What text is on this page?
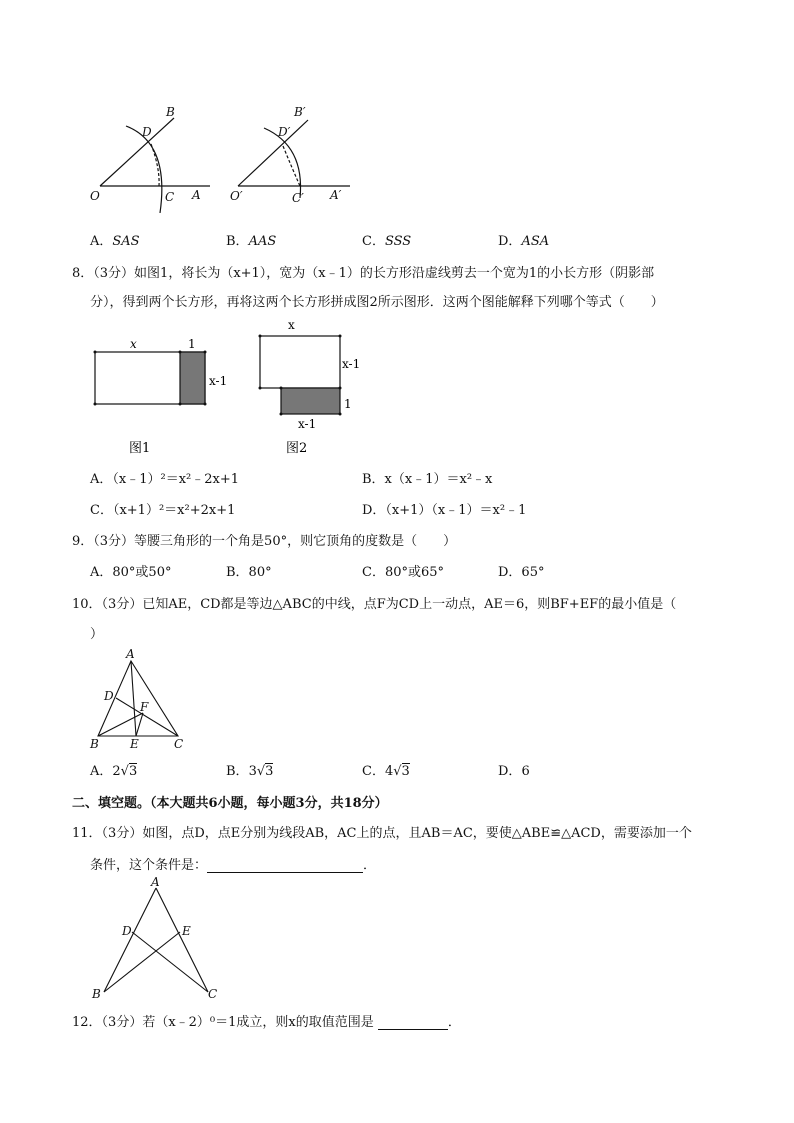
B
D
O	C A
B′
D′
O′	C′ A′
A．SAS	B．AAS	C．SSS	D．ASA
8．（3分）如图1，将长为（x+1），宽为（x﹣1）的长方形沿虚线剪去一个宽为1的小长方形（阴影部
分），得到两个长方形，再将这两个长方形拼成图2所示图形．这两个图能解释下列哪个等式（　　）
x	1
x-1
图1
x
x-1
1
x-1
图2
A．（x﹣1）²＝x²﹣2x+1	B．x（x﹣1）＝x²﹣x
C．（x+1）²＝x²+2x+1	D．（x+1）（x﹣1）＝x²﹣1
9．（3分）等腰三角形的一个角是50°，则它顶角的度数是（　　）
A．80°或50°	B．80°	C．80°或65°	D．65°
10．（3分）已知AE，CD都是等边△ABC的中线，点F为CD上一动点，AE＝6，则BF+EF的最小值是（
）
A
B	C
D
E
F
A．2√3	B．3√3	C．4√3	D．6
二、填空题。（本大题共6小题，每小题3分，共18分）
11．（3分）如图，点D，点E分别为线段AB，AC上的点，且AB＝AC，要使△ABE≌△ACD，需要添加一个
条件，这个条件是：	．
A
D	E
B	C
12．（3分）若（x﹣2）⁰＝1成立，则x的取值范围是	．
